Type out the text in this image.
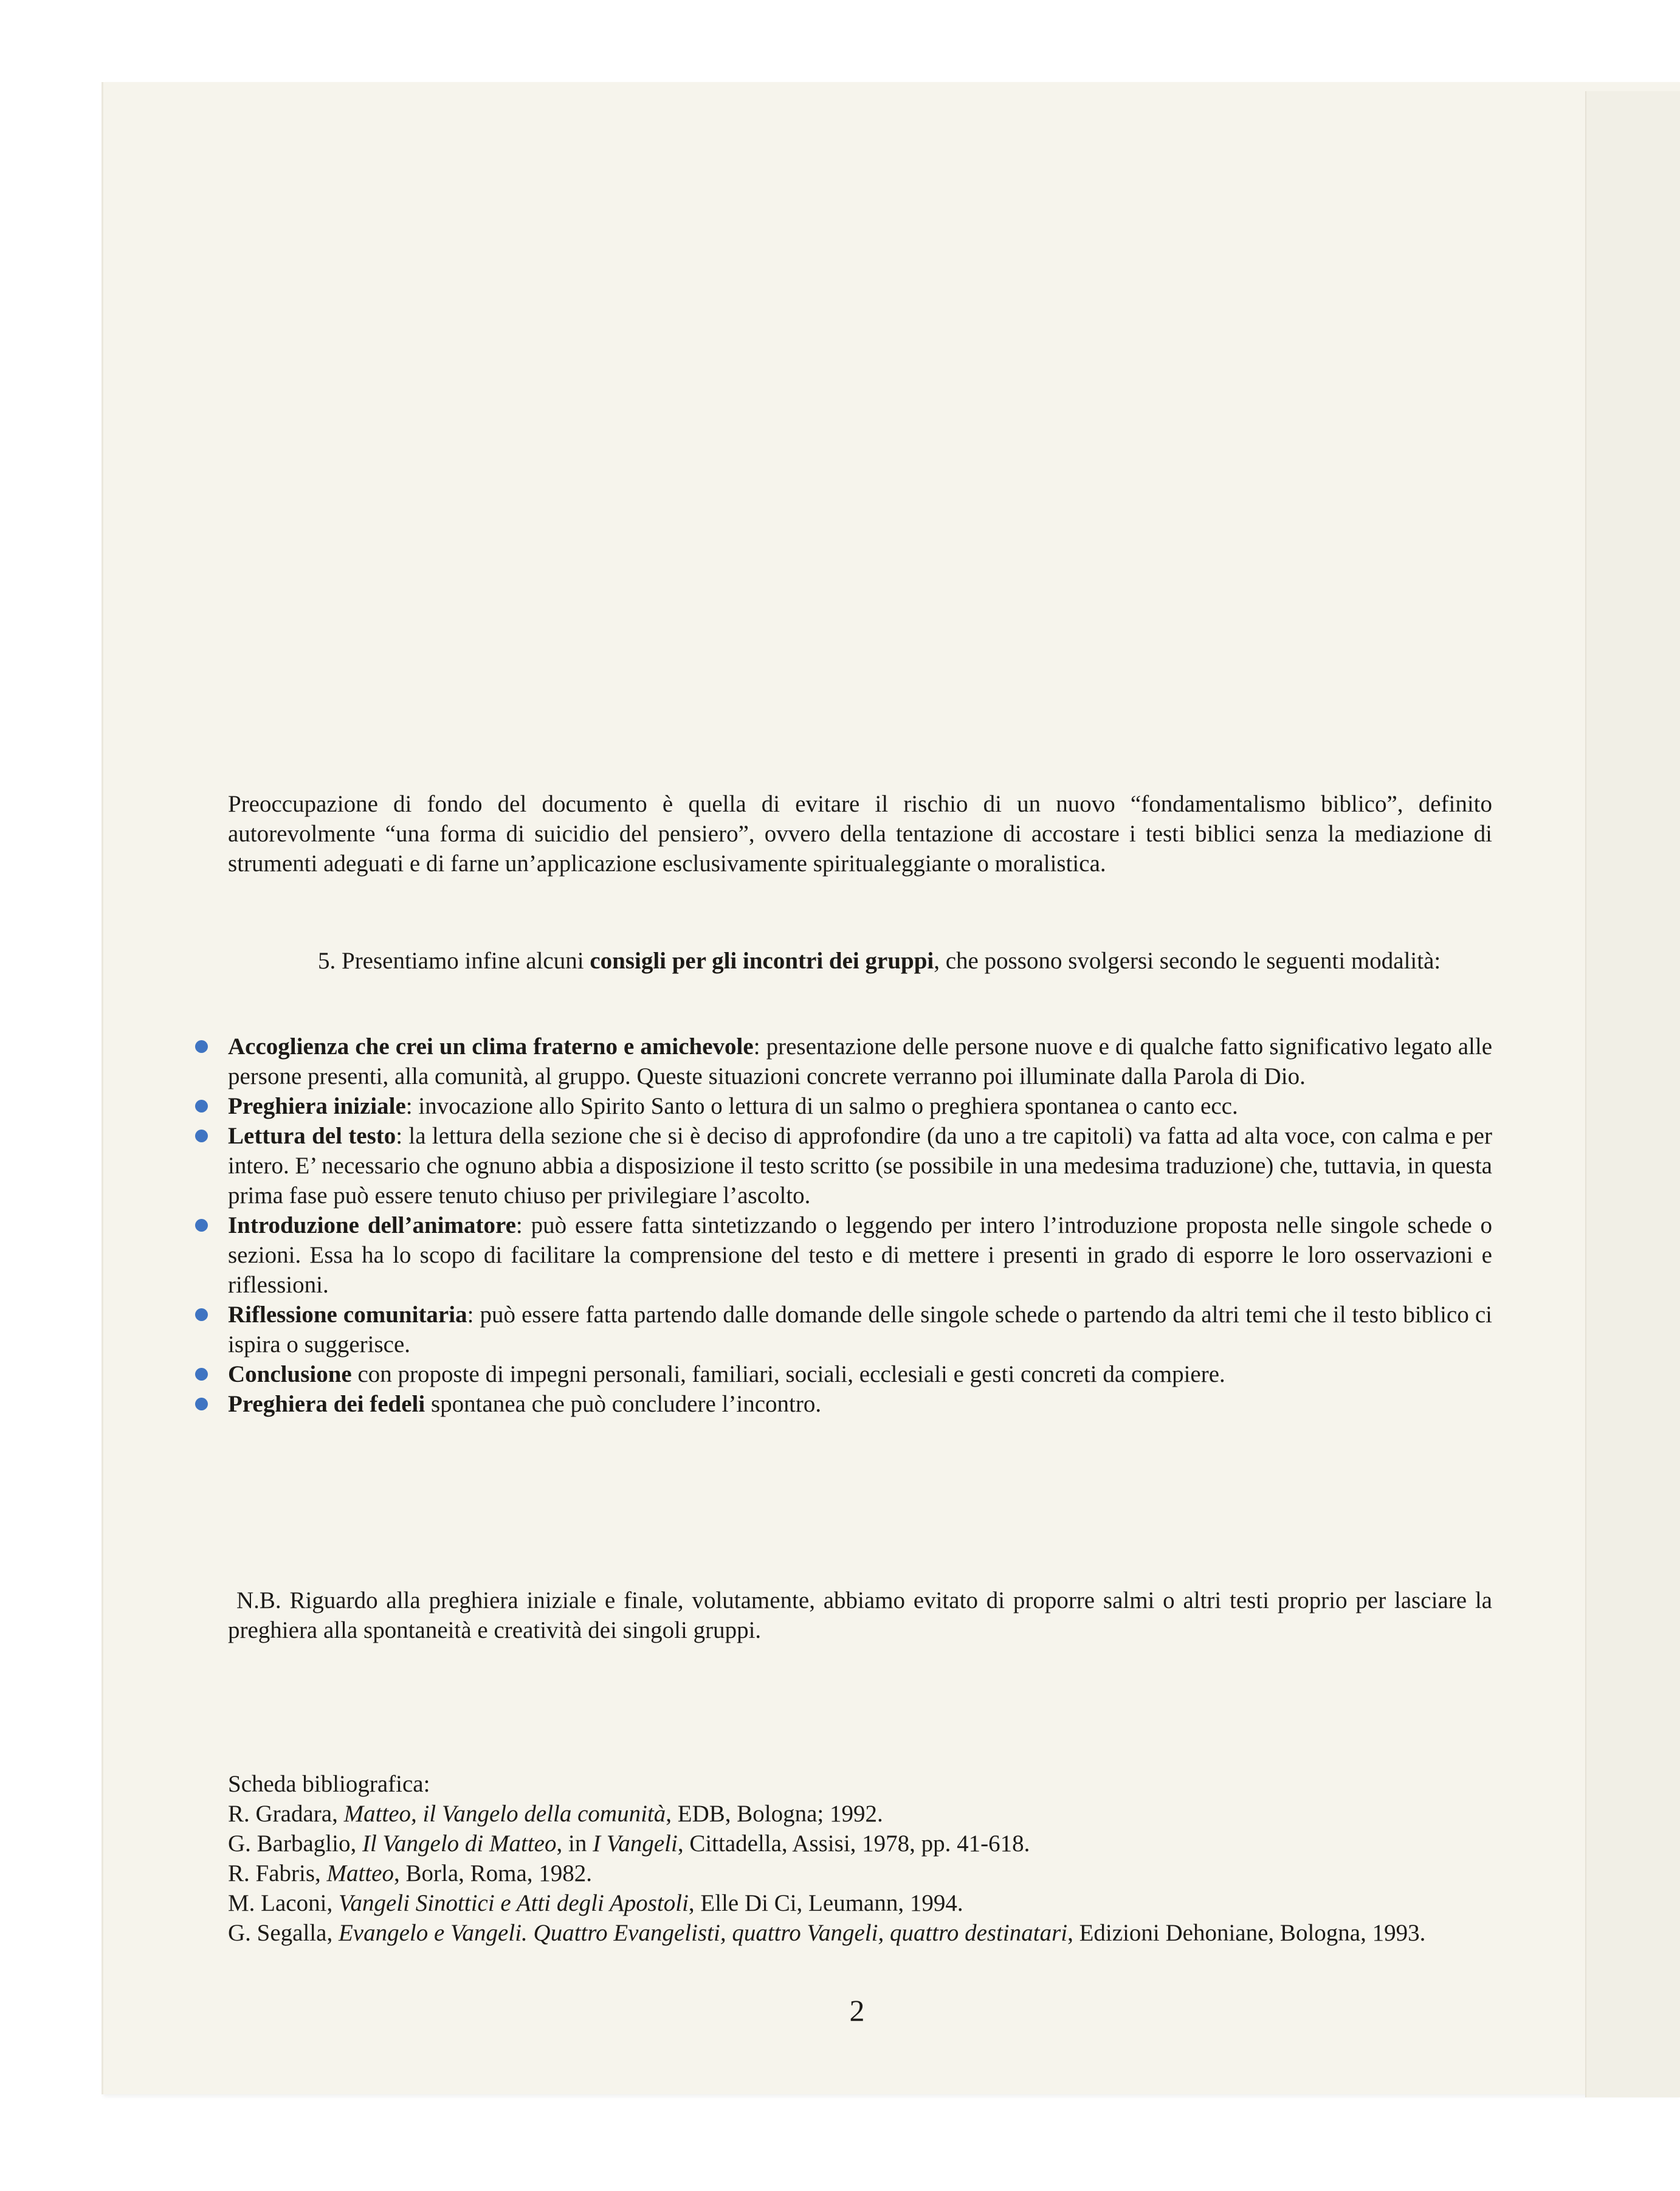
Preoccupazione di fondo del documento è quella di evitare il rischio di un nuovo “fondamentalismo biblico”, definito autorevolmente “una forma di suicidio del pensiero”, ovvero della tentazione di accostare i testi biblici senza la mediazione di strumenti adeguati e di farne un’applicazione esclusivamente spiritualeggiante o moralistica.

5. Presentiamo infine alcuni consigli per gli incontri dei gruppi, che possono svolgersi secondo le seguenti modalità:

Accoglienza che crei un clima fraterno e amichevole: presentazione delle persone nuove e di qualche fatto significativo legato alle persone presenti, alla comunità, al gruppo. Queste situazioni concrete verranno poi illuminate dalla Parola di Dio.
Preghiera iniziale: invocazione allo Spirito Santo o lettura di un salmo o preghiera spontanea o canto ecc.
Lettura del testo: la lettura della sezione che si è deciso di approfondire (da uno a tre capitoli) va fatta ad alta voce, con calma e per intero. E’ necessario che ognuno abbia a disposizione il testo scritto (se possibile in una medesima traduzione) che, tuttavia, in questa prima fase può essere tenuto chiuso per privilegiare l’ascolto.
Introduzione dell’animatore: può essere fatta sintetizzando o leggendo per intero l’introduzione proposta nelle singole schede o sezioni. Essa ha lo scopo di facilitare la comprensione del testo e di mettere i presenti in grado di esporre le loro osservazioni e riflessioni.
Riflessione comunitaria: può essere fatta partendo dalle domande delle singole schede o partendo da altri temi che il testo biblico ci ispira o suggerisce.
Conclusione con proposte di impegni personali, familiari, sociali, ecclesiali e gesti concreti da compiere.
Preghiera dei fedeli spontanea che può concludere l’incontro.

N.B. Riguardo alla preghiera iniziale e finale, volutamente, abbiamo evitato di proporre salmi o altri testi proprio per lasciare la preghiera alla spontaneità e creatività dei singoli gruppi.

Scheda bibliografica:
R. Gradara, Matteo, il Vangelo della comunità, EDB, Bologna; 1992.
G. Barbaglio, Il Vangelo di Matteo, in I Vangeli, Cittadella, Assisi, 1978, pp. 41-618.
R. Fabris, Matteo, Borla, Roma, 1982.
M. Laconi, Vangeli Sinottici e Atti degli Apostoli, Elle Di Ci, Leumann, 1994.
G. Segalla, Evangelo e Vangeli. Quattro Evangelisti, quattro Vangeli, quattro destinatari, Edizioni Dehoniane, Bologna, 1993.
2
